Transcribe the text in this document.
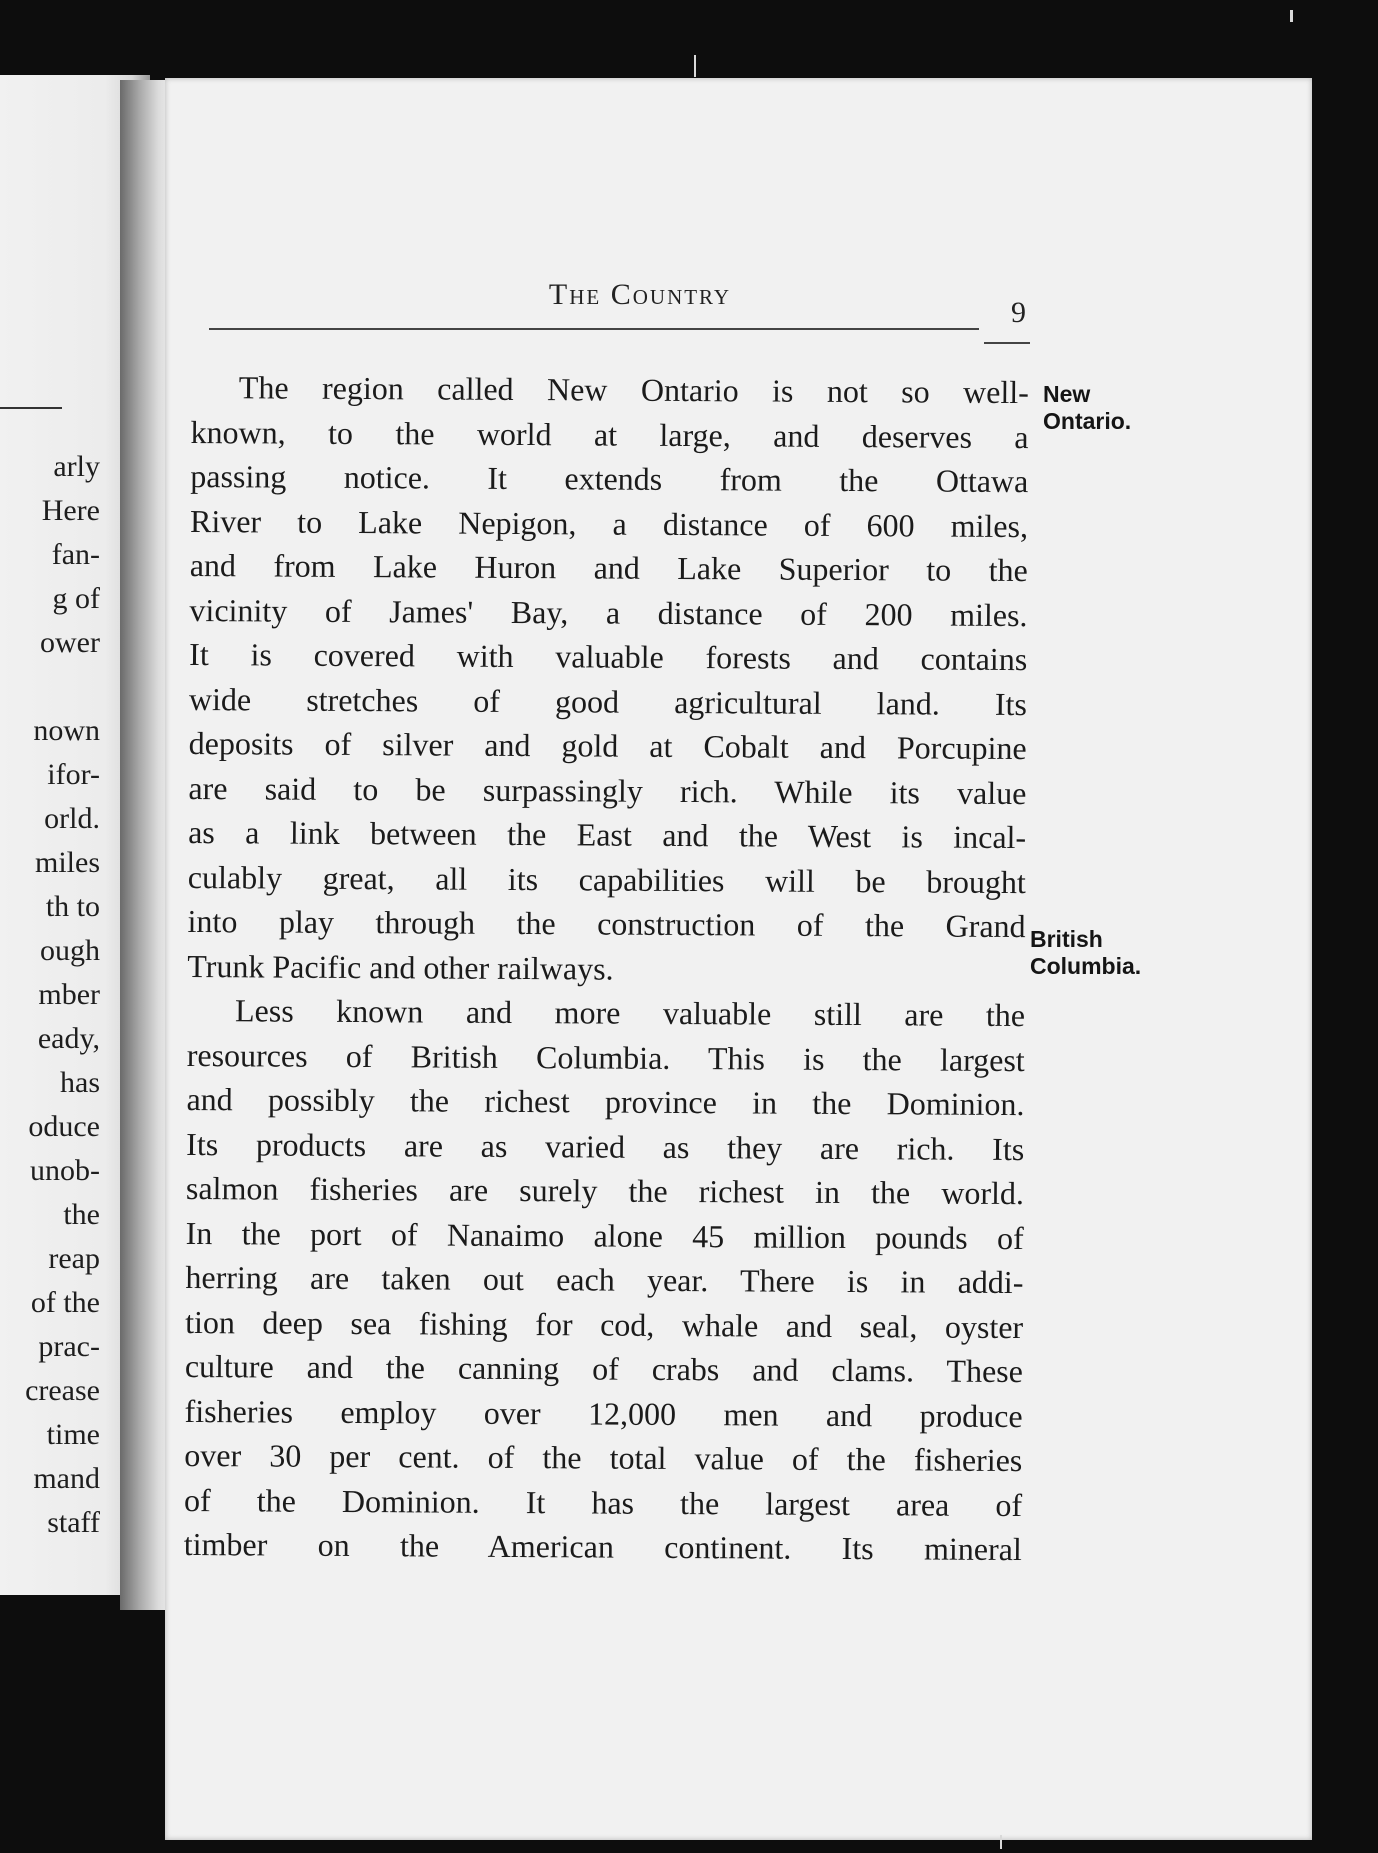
arly
Here
fan-
g of
ower
nown
ifor-
orld.
miles
th to
ough
mber
eady,
has
oduce
unob-
the
reap
of the
prac-
crease
time
mand
staff
The Country
9

The region called New Ontario is not so well-
known, to the world at large, and deserves a
passing notice. It extends from the Ottawa
River to Lake Nepigon, a distance of 600 miles,
and from Lake Huron and Lake Superior to the
vicinity of James' Bay, a distance of 200 miles.
It is covered with valuable forests and contains
wide stretches of good agricultural land. Its
deposits of silver and gold at Cobalt and Porcupine
are said to be surpassingly rich. While its value
as a link between the East and the West is incal-
culably great, all its capabilities will be brought
into play through the construction of the Grand
Trunk Pacific and other railways.

Less known and more valuable still are the
resources of British Columbia. This is the largest
and possibly the richest province in the Dominion.
Its products are as varied as they are rich. Its
salmon fisheries are surely the richest in the world.
In the port of Nanaimo alone 45 million pounds of
herring are taken out each year. There is in addi-
tion deep sea fishing for cod, whale and seal, oyster
culture and the canning of crabs and clams. These
fisheries employ over 12,000 men and produce
over 30 per cent. of the total value of the fisheries
of the Dominion. It has the largest area of
timber on the American continent. Its mineral

New
Ontario.
British
Columbia.
